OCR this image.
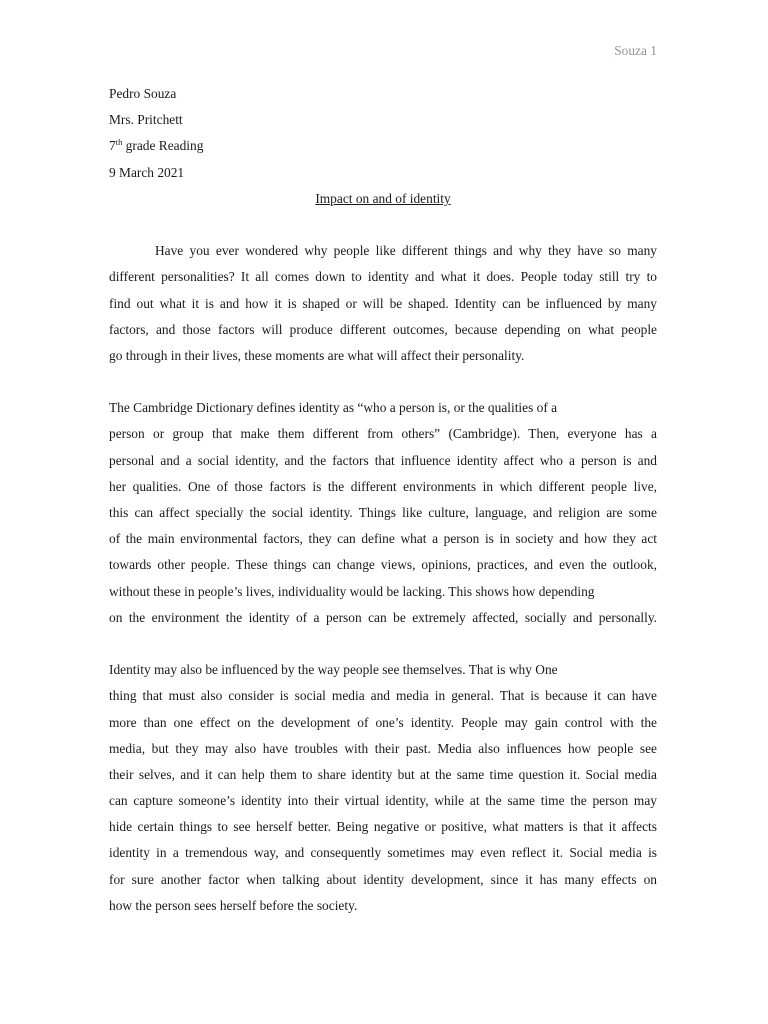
Souza 1
Pedro Souza
Mrs. Pritchett
7th grade Reading
9 March 2021
Impact on and of identity
Have you ever wondered why people like different things and why they have so many
different personalities? It all comes down to identity and what it does. People today still try to
find out what it is and how it is shaped or will be shaped. Identity can be influenced by many
factors, and those factors will produce different outcomes, because depending on what people
go through in their lives, these moments are what will affect their personality.
The Cambridge Dictionary defines identity as “who a person is, or the qualities of a
person or group that make them different from others” (Cambridge). Then, everyone has a
personal and a social identity, and the factors that influence identity affect who a person is and
her qualities. One of those factors is the different environments in which different people live,
this can affect specially the social identity. Things like culture, language, and religion are some
of the main environmental factors, they can define what a person is in society and how they act
towards other people. These things can change views, opinions, practices, and even the outlook,
without these in people’s lives, individuality would be lacking. This shows how depending
on the environment the identity of a person can be extremely affected, socially and personally.
Identity may also be influenced by the way people see themselves. That is why One
thing that must also consider is social media and media in general. That is because it can have
more than one effect on the development of one’s identity. People may gain control with the
media, but they may also have troubles with their past. Media also influences how people see
their selves, and it can help them to share identity but at the same time question it. Social media
can capture someone’s identity into their virtual identity, while at the same time the person may
hide certain things to see herself better. Being negative or positive, what matters is that it affects
identity in a tremendous way, and consequently sometimes may even reflect it. Social media is
for sure another factor when talking about identity development, since it has many effects on
how the person sees herself before the society.
